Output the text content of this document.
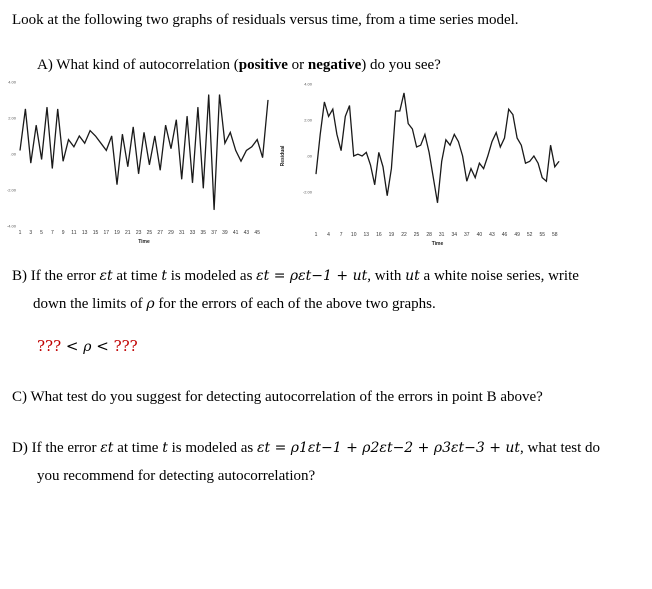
Look at the following two graphs of residuals versus time, from a time series model.
A) What kind of autocorrelation (positive or negative) do you see?
4.00
2.00
.00
-2.00
-4.00
1 3 5 7 9 11 13 15 17 19 21 23 25 27 29 31 33 35 37 39 41 43 45
Time
4.00
2.00
.00
-2.00
1 4 7 10 13 16 19 22 25 28 31 34 37 40 43 46 49 52 55 58
Time
Residual
B) If the error εt at time t is modeled as εt = ρεt−1 + ut, with ut a white noise series, write
down the limits of ρ for the errors of each of the above two graphs.
??? < ρ < ???
C) What test do you suggest for detecting autocorrelation of the errors in point B above?
D) If the error εt at time t is modeled as εt = ρ1εt−1 + ρ2εt−2 + ρ3εt−3 + ut, what test do
you recommend for detecting autocorrelation?
